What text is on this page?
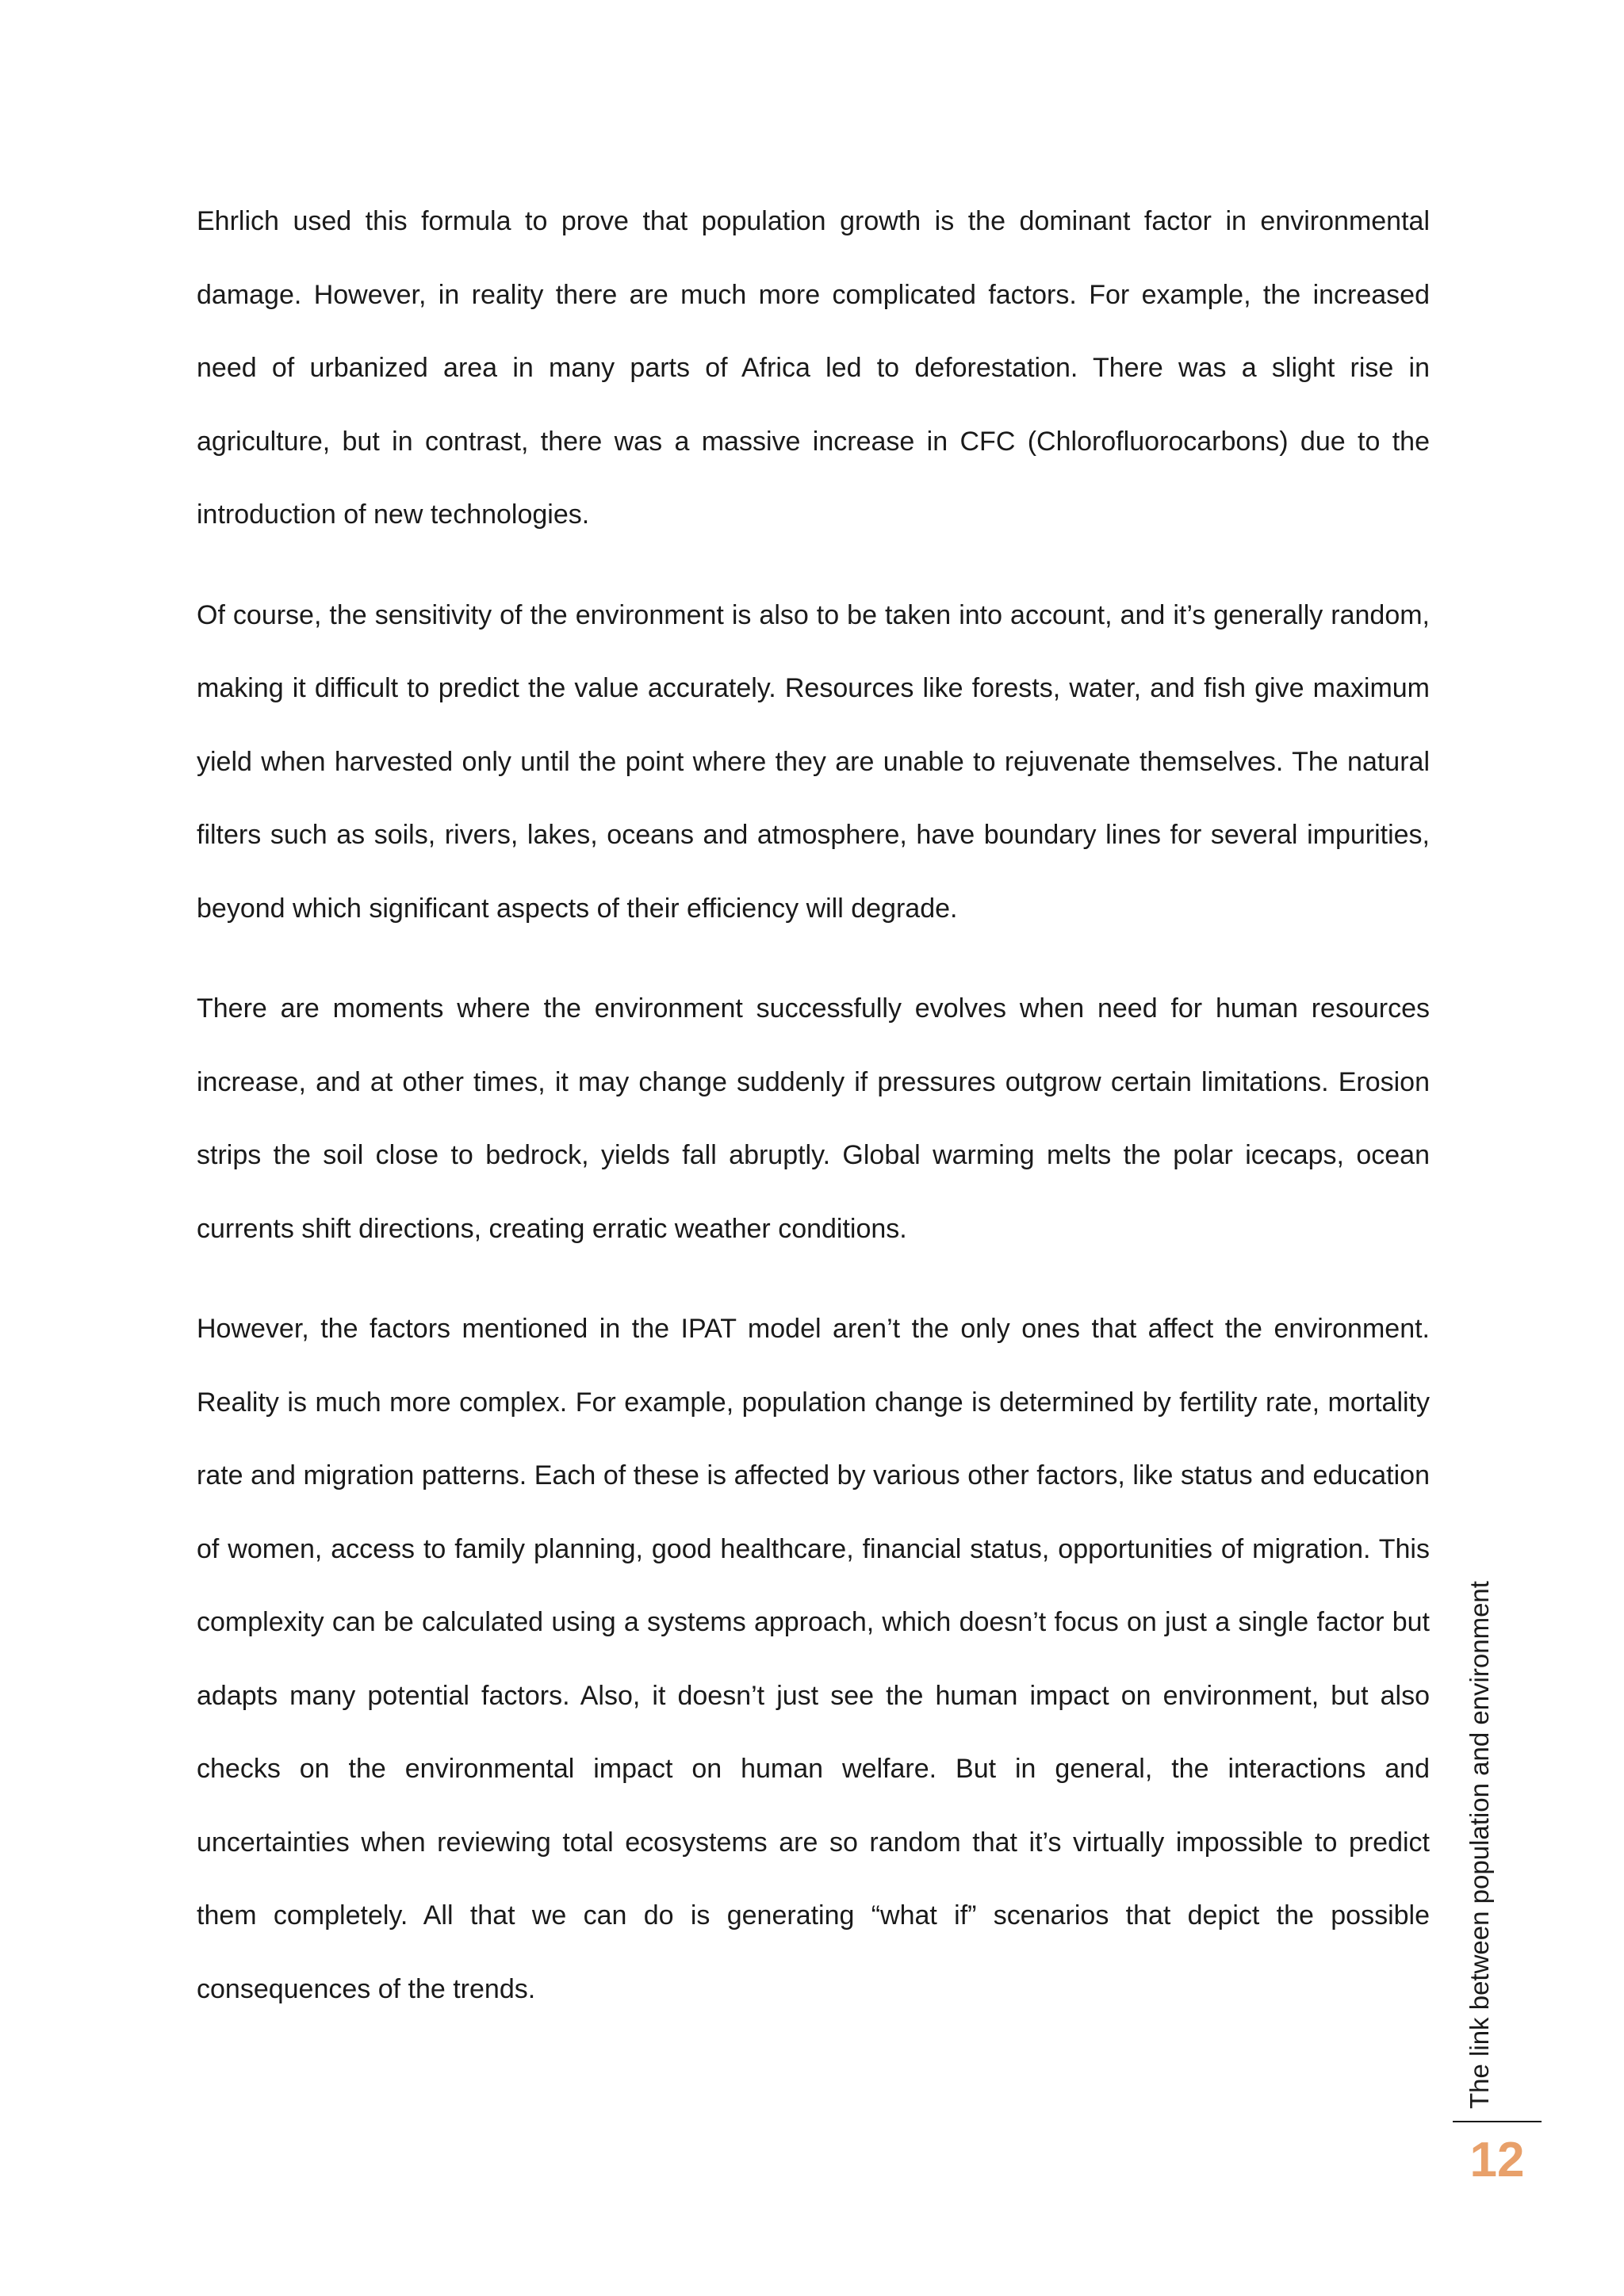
Ehrlich used this formula to prove that population growth is the dominant factor in environmental damage. However, in reality there are much more complicated factors. For example, the increased need of urbanized area in many parts of Africa led to deforestation. There was a slight rise in agriculture, but in contrast, there was a massive increase in CFC (Chlorofluorocarbons) due to the introduction of new technologies.

Of course, the sensitivity of the environment is also to be taken into account, and it’s generally random, making it difficult to predict the value accurately. Resources like forests, water, and fish give maximum yield when harvested only until the point where they are unable to rejuvenate themselves. The natural filters such as soils, rivers, lakes, oceans and atmosphere, have boundary lines for several impurities, beyond which significant aspects of their efficiency will degrade.

There are moments where the environment successfully evolves when need for human resources increase, and at other times, it may change suddenly if pressures outgrow certain limitations. Erosion strips the soil close to bedrock, yields fall abruptly. Global warming melts the polar icecaps, ocean currents shift directions, creating erratic weather conditions.

However, the factors mentioned in the IPAT model aren’t the only ones that affect the environment. Reality is much more complex. For example, population change is determined by fertility rate, mortality rate and migration patterns. Each of these is affected by various other factors, like status and education of women, access to family planning, good healthcare, financial status, opportunities of migration. This complexity can be calculated using a systems approach, which doesn’t focus on just a single factor but adapts many potential factors. Also, it doesn’t just see the human impact on environment, but also checks on the environmental impact on human welfare. But in general, the interactions and uncertainties when reviewing total ecosystems are so random that it’s virtually impossible to predict them completely. All that we can do is generating “what if” scenarios that depict the possible consequences of the trends.	The link between population and environment
12
